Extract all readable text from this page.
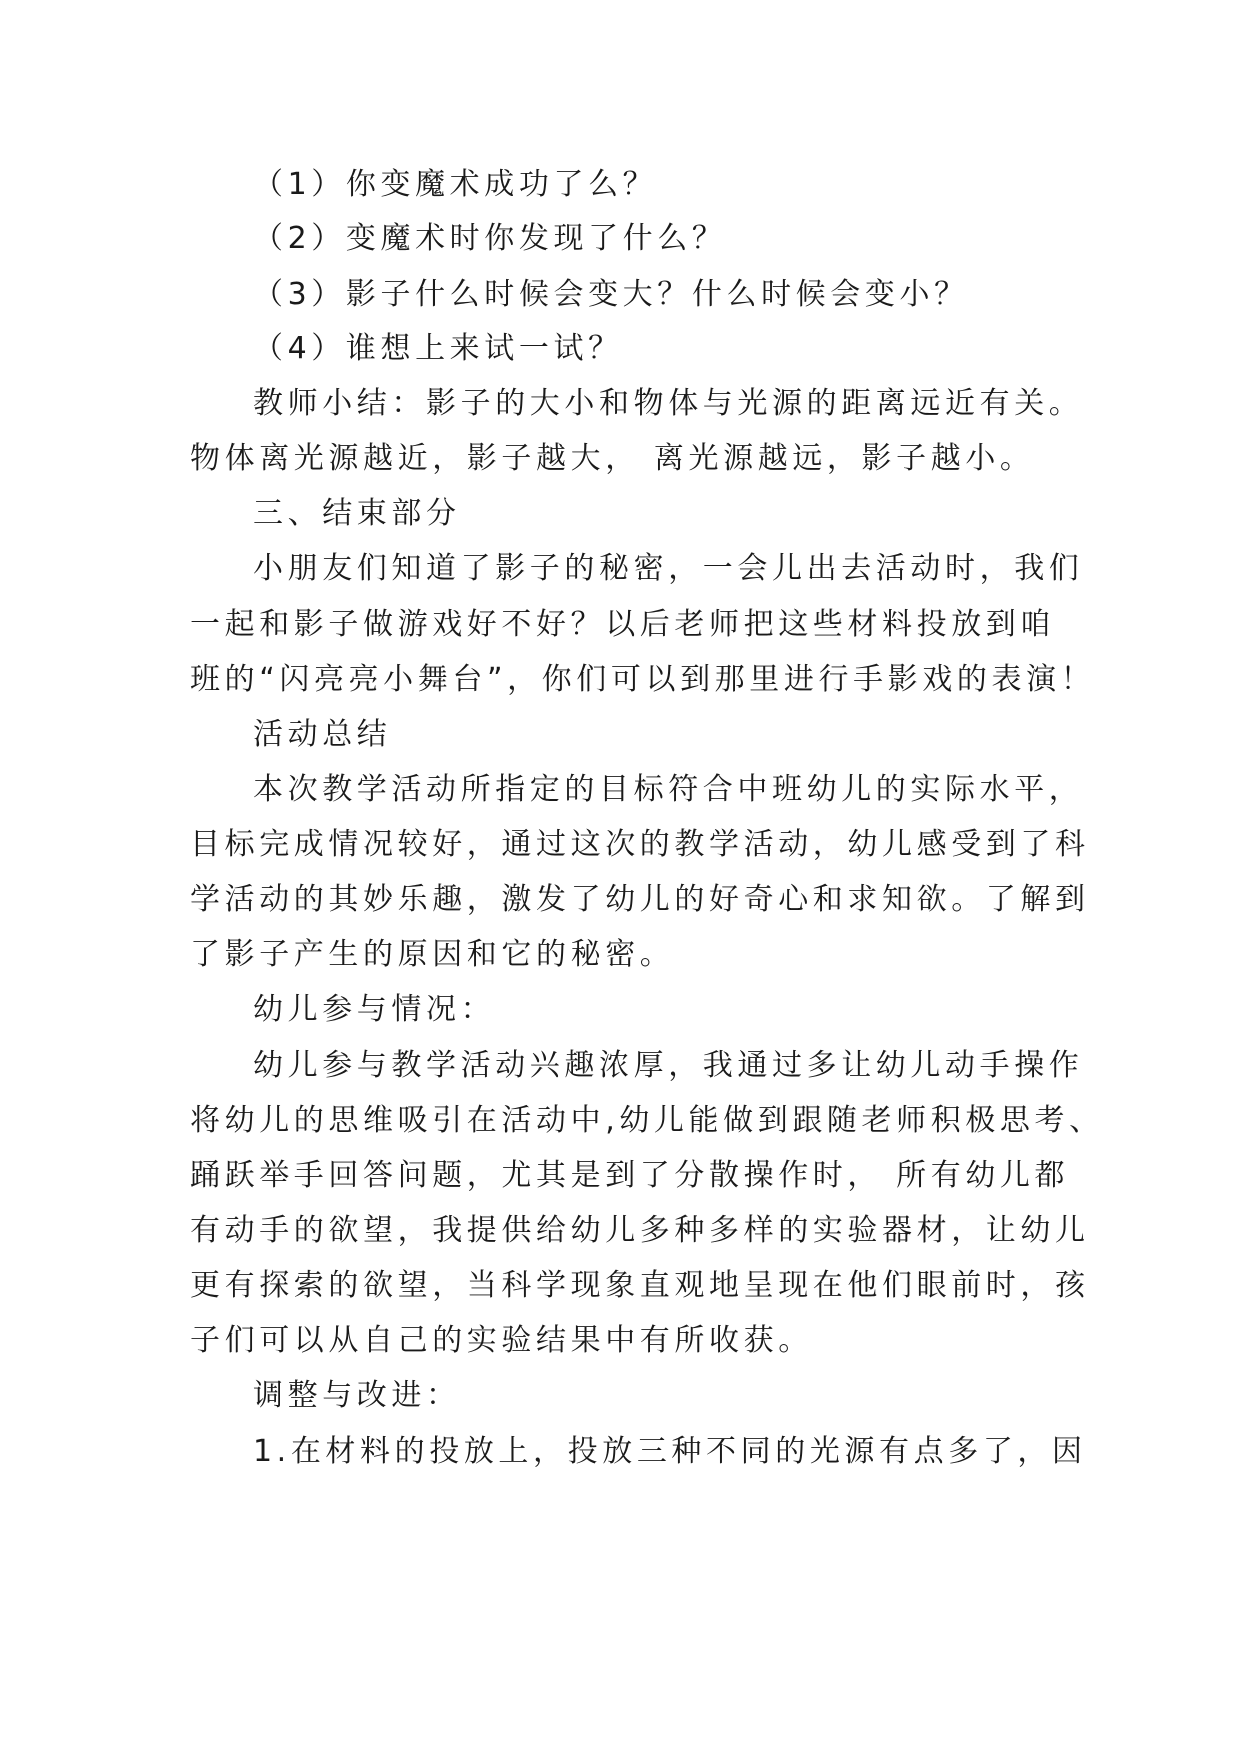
（1）你变魔术成功了么？
（2）变魔术时你发现了什么？
（3）影子什么时候会变大？什么时候会变小？
（4）谁想上来试一试？
教师小结：影子的大小和物体与光源的距离远近有关。
物体离光源越近，影子越大， 离光源越远，影子越小。
三、结束部分
小朋友们知道了影子的秘密，一会儿出去活动时，我们
一起和影子做游戏好不好？以后老师把这些材料投放到咱
班的“闪亮亮小舞台”，你们可以到那里进行手影戏的表演！
活动总结
本次教学活动所指定的目标符合中班幼儿的实际水平，
目标完成情况较好，通过这次的教学活动，幼儿感受到了科
学活动的其妙乐趣，激发了幼儿的好奇心和求知欲。了解到
了影子产生的原因和它的秘密。
幼儿参与情况：
幼儿参与教学活动兴趣浓厚，我通过多让幼儿动手操作
将幼儿的思维吸引在活动中,幼儿能做到跟随老师积极思考、
踊跃举手回答问题，尤其是到了分散操作时， 所有幼儿都
有动手的欲望，我提供给幼儿多种多样的实验器材，让幼儿
更有探索的欲望，当科学现象直观地呈现在他们眼前时，孩
子们可以从自己的实验结果中有所收获。
调整与改进：
1.在材料的投放上，投放三种不同的光源有点多了，因
